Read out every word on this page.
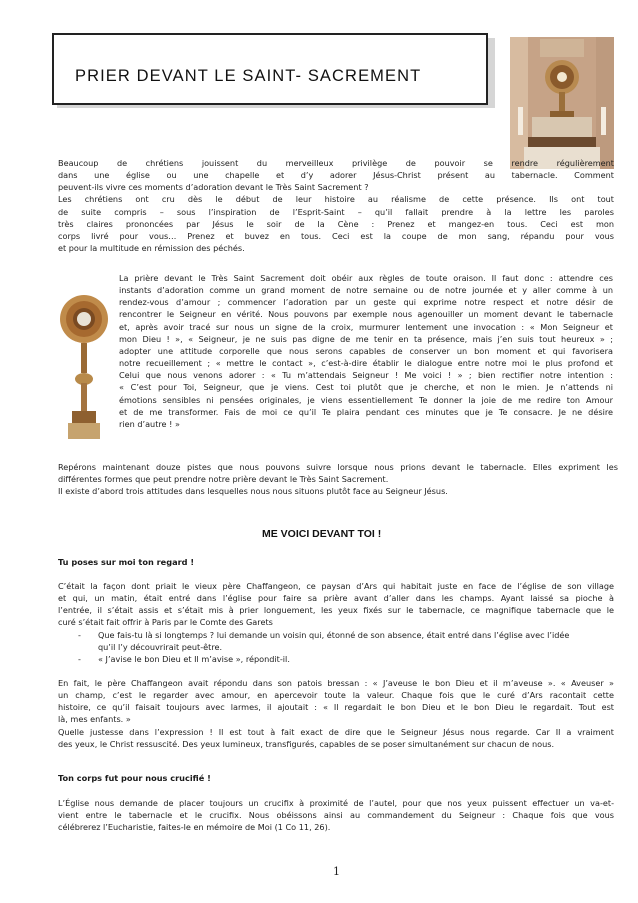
PRIER DEVANT LE SAINT- SACREMENT

Beaucoup de chrétiens jouissent du merveilleux privilège de pouvoir se rendre régulièrement

dans une église ou une chapelle et d’y adorer Jésus-Christ présent au tabernacle. Comment

peuvent-ils vivre ces moments d’adoration devant le Très Saint Sacrement ?

Les chrétiens ont cru dès le début de leur histoire au réalisme de cette présence. Ils ont tout

de suite compris – sous l’inspiration de l’Esprit-Saint – qu’il fallait prendre à la lettre les paroles

très claires prononcées par Jésus le soir de la Cène : Prenez et mangez-en tous. Ceci est mon

corps livré pour vous… Prenez et buvez en tous. Ceci est la coupe de mon sang, répandu pour vous

et pour la multitude en rémission des péchés.

La prière devant le Très Saint Sacrement doit obéir aux règles de toute oraison. Il faut donc : attendre ces

instants d’adoration comme un grand moment de notre semaine ou de notre journée et y aller comme à un

rendez-vous d’amour ; commencer l’adoration par un geste qui exprime notre respect et notre désir de

rencontrer le Seigneur en vérité. Nous pouvons par exemple nous agenouiller un moment devant le tabernacle

et, après avoir tracé sur nous un signe de la croix, murmurer lentement une invocation : « Mon Seigneur et

mon Dieu ! », « Seigneur, je ne suis pas digne de me tenir en ta présence, mais j’en suis tout heureux » ;

adopter une attitude corporelle que nous serons capables de conserver un bon moment et qui favorisera

notre recueillement ; « mettre le contact », c’est-à-dire établir le dialogue entre notre moi le plus profond et

Celui que nous venons adorer : « Tu m’attendais Seigneur ! Me voici ! » ; bien rectifier notre intention :

« C’est pour Toi, Seigneur, que je viens. Cest toi plutôt que je cherche, et non le mien. Je n’attends ni

émotions sensibles ni pensées originales, je viens essentiellement Te donner la joie de me redire ton Amour

et de me transformer. Fais de moi ce qu’il Te plaira pendant ces minutes que je Te consacre. Je ne désire

rien d’autre ! »

Repérons maintenant douze pistes que nous pouvons suivre lorsque nous prions devant le tabernacle. Elles expriment les

différentes formes que peut prendre notre prière devant le Très Saint Sacrement.

Il existe d’abord trois attitudes dans lesquelles nous nous situons plutôt face au Seigneur Jésus.

ME VOICI DEVANT TOI !
Tu poses sur moi ton regard !

C’était la façon dont priait le vieux père Chaffangeon, ce paysan d’Ars qui habitait juste en face de l’église de son village

et qui, un matin, était entré dans l’église pour faire sa prière avant d’aller dans les champs. Ayant laissé sa pioche à

l’entrée, il s’était assis et s’était mis à prier longuement, les yeux fixés sur le tabernacle, ce magnifique tabernacle que le

curé s’était fait offrir à Paris par le Comte des Garets

- Que fais-tu là si longtemps ? lui demande un voisin qui, étonné de son absence, était entré dans l’église avec l’idée

qu’il l’y découvrirait peut-être.

- « J’avise le bon Dieu et Il m’avise », répondit-il.

En fait, le père Chaffangeon avait répondu dans son patois bressan : « J’aveuse le bon Dieu et il m’aveuse ». « Aveuser »

un champ, c’est le regarder avec amour, en apercevoir toute la valeur. Chaque fois que le curé d’Ars racontait cette

histoire, ce qu’il faisait toujours avec larmes, il ajoutait : « Il regardait le bon Dieu et le bon Dieu le regardait. Tout est

là, mes enfants. »

Quelle justesse dans l’expression ! Il est tout à fait exact de dire que le Seigneur Jésus nous regarde. Car Il a vraiment

des yeux, le Christ ressuscité. Des yeux lumineux, transfigurés, capables de se poser simultanément sur chacun de nous.

Ton corps fut pour nous crucifié !

L’Église nous demande de placer toujours un crucifix à proximité de l’autel, pour que nos yeux puissent effectuer un va-et-

vient entre le tabernacle et le crucifix. Nous obéissons ainsi au commandement du Seigneur : Chaque fois que vous

célébrerez l’Eucharistie, faites-le en mémoire de Moi (1 Co 11, 26).

1
